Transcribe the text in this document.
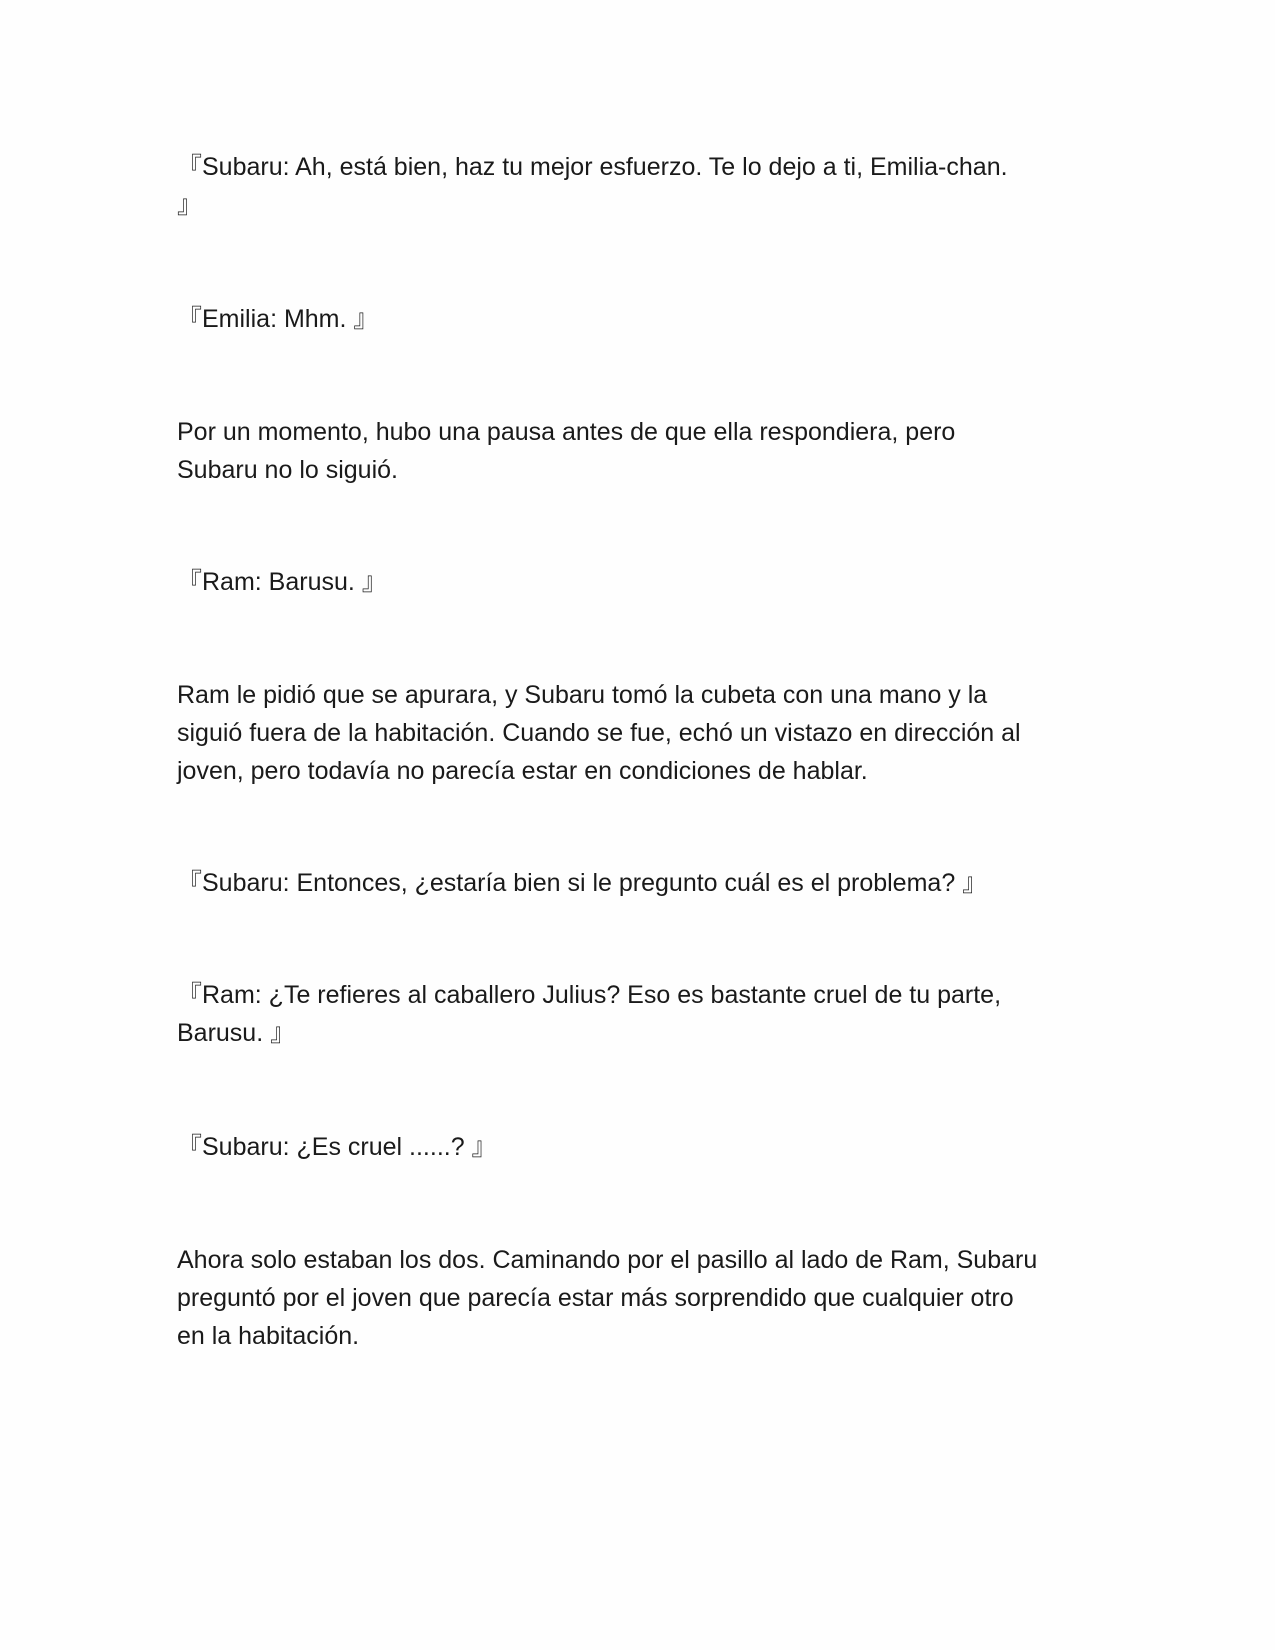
『Subaru: Ah, está bien, haz tu mejor esfuerzo. Te lo dejo a ti, Emilia-chan.
』

『Emilia: Mhm. 』

Por un momento, hubo una pausa antes de que ella respondiera, pero
Subaru no lo siguió.

『Ram: Barusu. 』

Ram le pidió que se apurara, y Subaru tomó la cubeta con una mano y la
siguió fuera de la habitación. Cuando se fue, echó un vistazo en dirección al
joven, pero todavía no parecía estar en condiciones de hablar.

『Subaru: Entonces, ¿estaría bien si le pregunto cuál es el problema? 』

『Ram: ¿Te refieres al caballero Julius? Eso es bastante cruel de tu parte,
Barusu. 』

『Subaru: ¿Es cruel ......? 』

Ahora solo estaban los dos. Caminando por el pasillo al lado de Ram, Subaru
preguntó por el joven que parecía estar más sorprendido que cualquier otro
en la habitación.
